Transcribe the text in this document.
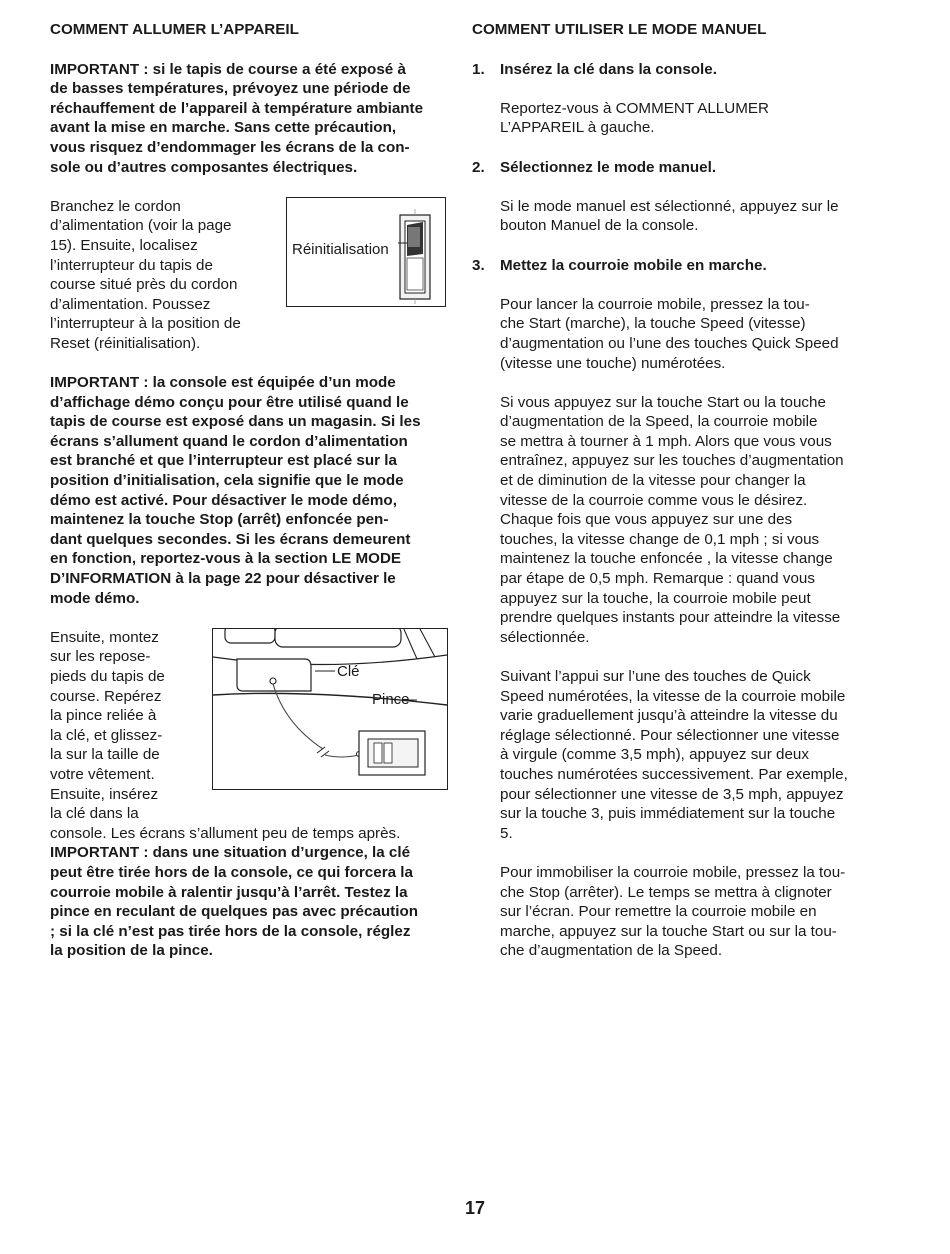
COMMENT ALLUMER L’APPAREIL

IMPORTANT : si le tapis de course a été exposé à
de basses températures, prévoyez une période de
réchauffement de l’appareil à température ambiante
avant la mise en marche. Sans cette précaution,
vous risquez d’endommager les écrans de la con-
sole ou d’autres composantes électriques.

Branchez le cordon
d’alimentation (voir la page
15). Ensuite, localisez
l’interrupteur du tapis de
course situé près du cordon
d’alimentation. Poussez
l’interrupteur à la position de
Reset (réinitialisation).

Réinitialisation

IMPORTANT : la console est équipée d’un mode
d’affichage démo conçu pour être utilisé quand le
tapis de course est exposé dans un magasin. Si les
écrans s’allument quand le cordon d’alimentation
est branché et que l’interrupteur est placé sur la
position d’initialisation, cela signifie que le mode
démo est activé. Pour désactiver le mode démo,
maintenez la touche Stop (arrêt) enfoncée pen-
dant quelques secondes. Si les écrans demeurent
en fonction, reportez-vous à la section LE MODE
D’INFORMATION à la page 22 pour désactiver le
mode démo.

Ensuite, montez
sur les repose-
pieds du tapis de
course. Repérez
la pince reliée à
la clé, et glissez-
la sur la taille de
votre vêtement.
Ensuite, insérez
la clé dans la
console. Les écrans s’allument peu de temps après.
Clé
Pince

IMPORTANT : dans une situation d’urgence, la clé
peut être tirée hors de la console, ce qui forcera la
courroie mobile à ralentir jusqu’à l’arrêt. Testez la
pince en reculant de quelques pas avec précaution
; si la clé n’est pas tirée hors de la console, réglez
la position de la pince.

COMMENT UTILISER LE MODE MANUEL
1.	Insérez la clé dans la console.

Reportez-vous à COMMENT ALLUMER
L’APPAREIL à gauche.

2.	Sélectionnez le mode manuel.

Si le mode manuel est sélectionné, appuyez sur le
bouton Manuel de la console.

3.	Mettez la courroie mobile en marche.

Pour lancer la courroie mobile, pressez la tou-
che Start (marche), la touche Speed (vitesse)
d’augmentation ou l’une des touches Quick Speed
(vitesse une touche) numérotées.

Si vous appuyez sur la touche Start ou la touche
d’augmentation de la Speed, la courroie mobile
se mettra à tourner à 1 mph. Alors que vous vous
entraînez, appuyez sur les touches d’augmentation
et de diminution de la vitesse pour changer la
vitesse de la courroie comme vous le désirez.
Chaque fois que vous appuyez sur une des
touches, la vitesse change de 0,1 mph ; si vous
maintenez la touche enfoncée , la vitesse change
par étape de 0,5 mph. Remarque : quand vous
appuyez sur la touche, la courroie mobile peut
prendre quelques instants pour atteindre la vitesse
sélectionnée.

Suivant l’appui sur l’une des touches de Quick
Speed numérotées, la vitesse de la courroie mobile
varie graduellement jusqu’à atteindre la vitesse du
réglage sélectionné. Pour sélectionner une vitesse
à virgule (comme 3,5 mph), appuyez sur deux
touches numérotées successivement. Par exemple,
pour sélectionner une vitesse de 3,5 mph, appuyez
sur la touche 3, puis immédiatement sur la touche
5.

Pour immobiliser la courroie mobile, pressez la tou-
che Stop (arrêter). Le temps se mettra à clignoter
sur l’écran. Pour remettre la courroie mobile en
marche, appuyez sur la touche Start ou sur la tou-
che d’augmentation de la Speed.

17
